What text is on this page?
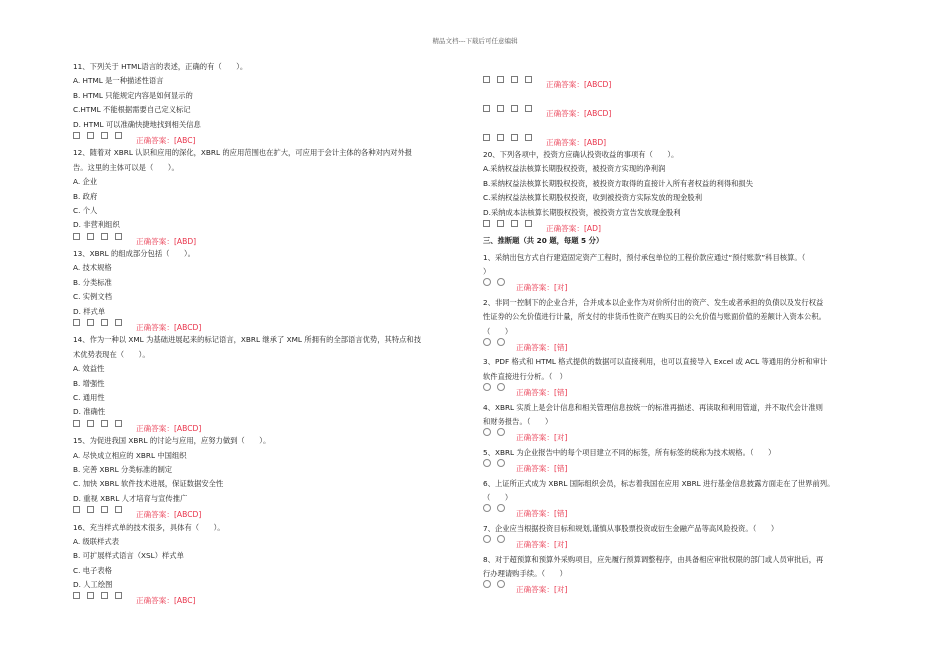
精品文档---下载后可任意编辑
11、下列关于 HTML语言的表述，正确的有（　　）。
A. HTML 是一种描述性语言
B. HTML 只能规定内容是如何显示的
C.HTML 不能根据需要自己定义标记
D. HTML 可以准确快捷地找到相关信息
正确答案：[ABC]
12、随着对 XBRL 认识和应用的深化，XBRL 的应用范围也在扩大，可应用于会计主体的各种对内对外报
告。这里的主体可以是（　　）。
A. 企业
B. 政府
C. 个人
D. 非营利组织
正确答案：[ABD]
13、XBRL 的组成部分包括（　　）。
A. 技术规格
B. 分类标准
C. 实例文档
D. 样式单
正确答案：[ABCD]
14、作为一种以 XML 为基础进展起来的标记语言，XBRL 继承了 XML 所拥有的全部语言优势，其特点和技
术优势表现在（　　）。
A. 效益性
B. 增强性
C. 通用性
D. 准确性
正确答案：[ABCD]
15、为促进我国 XBRL 的讨论与应用，应努力做到（　　）。
A. 尽快成立相应的 XBRL 中国组织
B. 完善 XBRL 分类标准的制定
C. 加快 XBRL 软件技术进展，保证数据安全性
D. 重视 XBRL 人才培育与宣传推广
正确答案：[ABCD]
16、充当样式单的技术很多，具体有（　　）。
A. 级联样式表
B. 可扩展样式语言（XSL）样式单
C. 电子表格
D. 人工绘图
正确答案：[ABC]
正确答案：[ABCD]
正确答案：[ABCD]
正确答案：[ABD]
20、下列各项中，投资方应确认投资收益的事项有（　　）。
A.采纳权益法核算长期股权投资，被投资方实现的净利润
B.采纳权益法核算长期股权投资，被投资方取得的直接计入所有者权益的利得和损失
C.采纳权益法核算长期股权投资，收到被投资方实际发放的现金股利
D.采纳成本法核算长期股权投资，被投资方宣告发放现金股利
正确答案：[AD]
三、推断题（共 20 题，每题 5 分）
1、采纳出包方式自行建造固定资产工程时，预付承包单位的工程价款应通过“预付账款”科目核算。（
）
正确答案：[对]
2、非同一控制下的企业合并，合并成本以企业作为对价所付出的资产、发生或者承担的负债以及发行权益
性证券的公允价值进行计量，所支付的非货币性资产在购买日的公允价值与账面价值的差额计入资本公积。
（　　）
正确答案：[错]
3、PDF 格式和 HTML 格式提供的数据可以直接利用，也可以直接导入 Excel 或 ACL 等通用的分析和审计
软件直接进行分析。（　）
正确答案：[错]
4、XBRL 实质上是会计信息和相关管理信息按统一的标准再描述、再读取和利用管道，并不取代会计准则
和财务报告。（　　）
正确答案：[对]
5、XBRL 为企业报告中的每个项目建立不同的标签，所有标签的统称为技术规格。（　　）
正确答案：[错]
6、上证所正式成为 XBRL 国际组织会员，标志着我国在应用 XBRL 进行基金信息披露方面走在了世界前列。
（　　）
正确答案：[错]
7、企业应当根据投资目标和规划,谨慎从事股票投资或衍生金融产品等高风险投资。（　　）
正确答案：[对]
8、对于超预算和预算外采购项目，应先履行预算调整程序，由具备相应审批权限的部门或人员审批后，再
行办理请购手续。（　　）
正确答案：[对]
